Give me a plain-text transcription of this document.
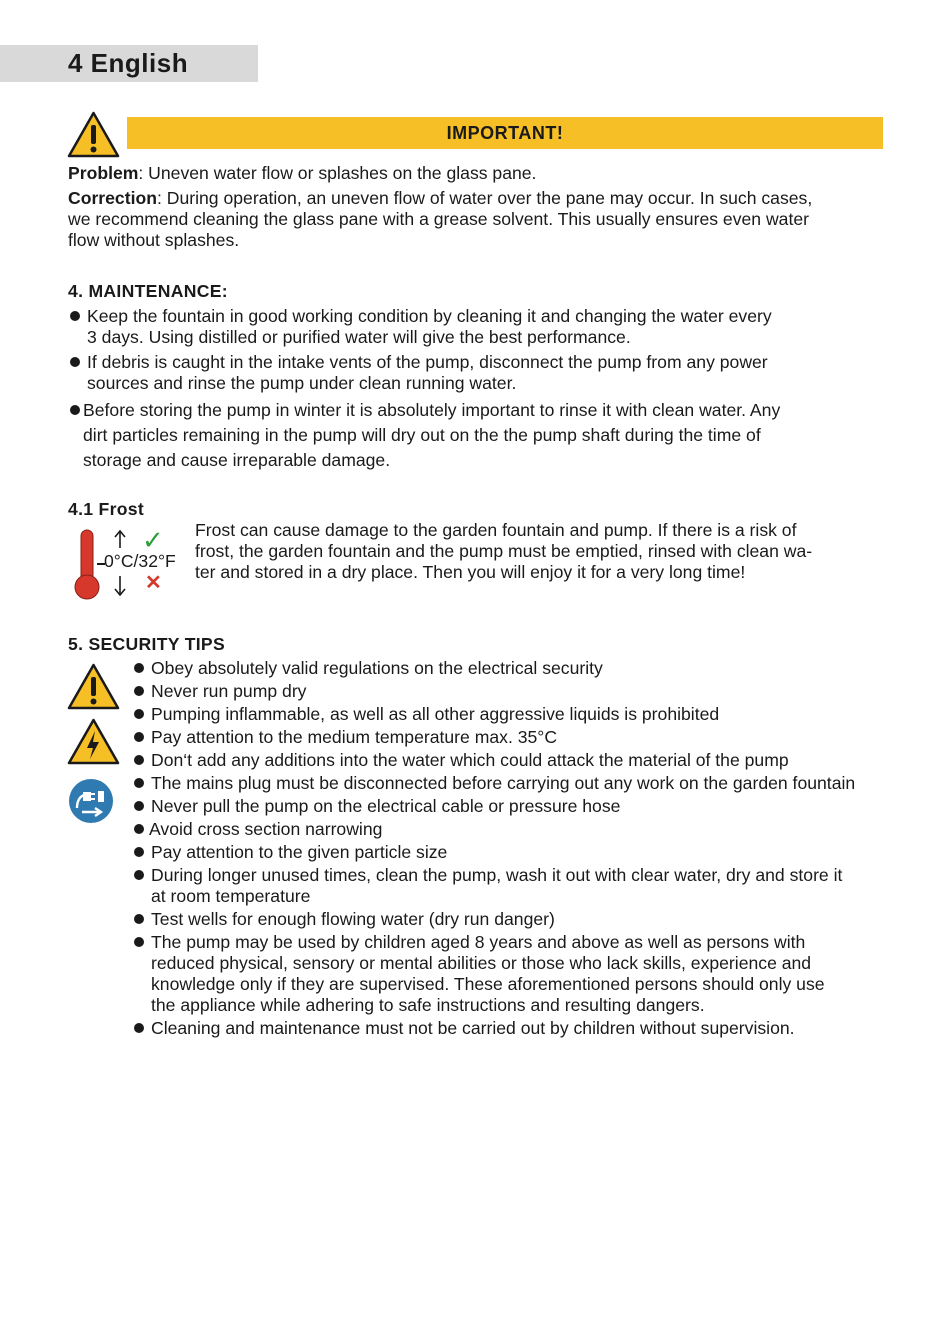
4 English
IMPORTANT!
Problem: Uneven water flow or splashes on the glass pane.
Correction: During operation, an uneven flow of water over the pane may occur. In such cases,
we recommend cleaning the glass pane with a grease solvent. This usually ensures even water
flow without splashes.
4. MAINTENANCE:
Keep the fountain in good working condition by cleaning it and changing the water every
3 days. Using distilled or purified water will give the best performance.
If debris is caught in the intake vents of the pump, disconnect the pump from any power
sources and rinse the pump under clean running water.
Before storing the pump in winter it is absolutely important to rinse it with clean water. Any
dirt particles remaining in the pump will dry out on the the pump shaft during the time of
storage and cause irreparable damage.
4.1 Frost
✓
✕
0°C/32°F
Frost can cause damage to the garden fountain and pump. If there is a risk of
frost, the garden fountain and the pump must be emptied, rinsed with clean wa-
ter and stored in a dry place. Then you will enjoy it for a very long time!
5. SECURITY TIPS
Obey absolutely valid regulations on the electrical security
Never run pump dry
Pumping inflammable, as well as all other aggressive liquids is prohibited
Pay attention to the medium temperature max. 35°C
Don‘t add any additions into the water which could attack the material of the pump
The mains plug must be disconnected before carrying out any work on the garden fountain
Never pull the pump on the electrical cable or pressure hose
Avoid cross section narrowing
Pay attention to the given particle size
During longer unused times, clean the pump, wash it out with clear water, dry and store it
at room temperature
Test wells for enough flowing water (dry run danger)
The pump may be used by children aged 8 years and above as well as persons with
reduced physical, sensory or mental abilities or those who lack skills, experience and
knowledge only if they are supervised. These aforementioned persons should only use
the appliance while adhering to safe instructions and resulting dangers.
Cleaning and maintenance must not be carried out by children without supervision.
